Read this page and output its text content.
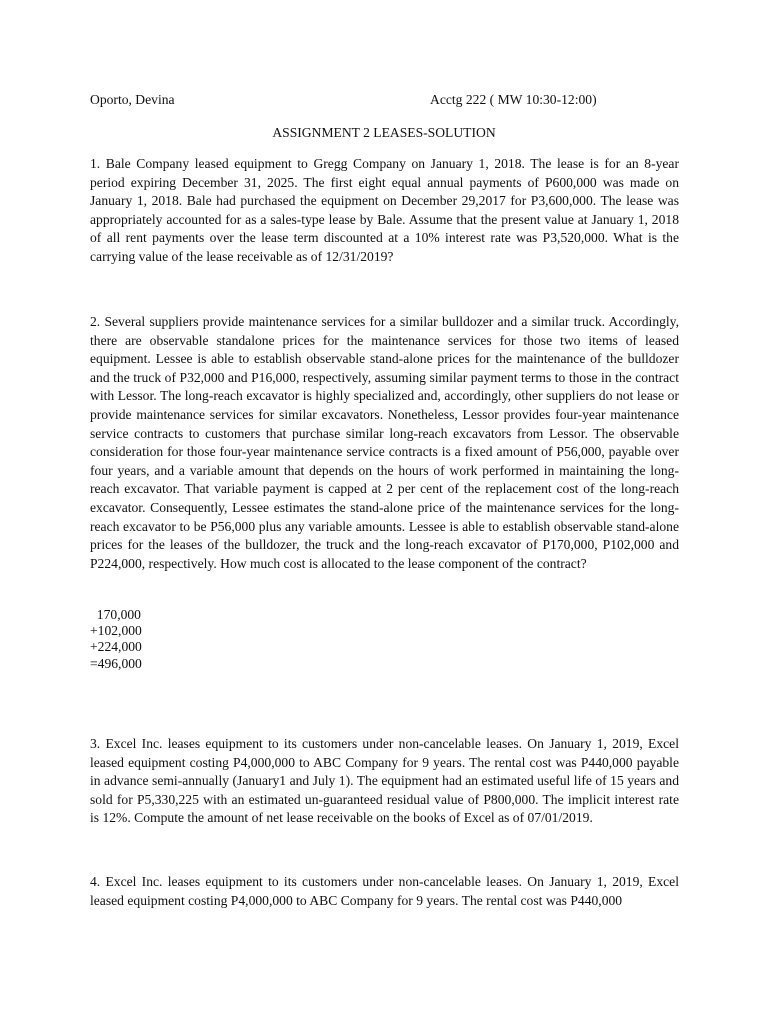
Oporto, Devina	Acctg 222 ( MW 10:30-12:00)
ASSIGNMENT 2 LEASES-SOLUTION

1. Bale Company leased equipment to Gregg Company on January 1, 2018. The lease is for an 8-year period expiring December 31, 2025. The first eight equal annual payments of P600,000 was made on January 1, 2018. Bale had purchased the equipment on December 29,2017 for P3,600,000. The lease was appropriately accounted for as a sales-type lease by Bale. Assume that the present value at January 1, 2018 of all rent payments over the lease term discounted at a 10% interest rate was P3,520,000. What is the carrying value of the lease receivable as of 12/31/2019?

2. Several suppliers provide maintenance services for a similar bulldozer and a similar truck. Accordingly, there are observable standalone prices for the maintenance services for those two items of leased equipment. Lessee is able to establish observable stand-alone prices for the maintenance of the bulldozer and the truck of P32,000 and P16,000, respectively, assuming similar payment terms to those in the contract with Lessor. The long-reach excavator is highly specialized and, accordingly, other suppliers do not lease or provide maintenance services for similar excavators. Nonetheless, Lessor provides four-year maintenance service contracts to customers that purchase similar long-reach excavators from Lessor. The observable consideration for those four-year maintenance service contracts is a fixed amount of P56,000, payable over four years, and a variable amount that depends on the hours of work performed in maintaining the long-reach excavator. That variable payment is capped at 2 per cent of the replacement cost of the long-reach excavator. Consequently, Lessee estimates the stand-alone price of the maintenance services for the long-reach excavator to be P56,000 plus any variable amounts. Lessee is able to establish observable stand-alone prices for the leases of the bulldozer, the truck and the long-reach excavator of P170,000, P102,000 and P224,000, respectively. How much cost is allocated to the lease component of the contract?

170,000
+102,000
+224,000
=496,000

3. Excel Inc. leases equipment to its customers under non-cancelable leases. On January 1, 2019, Excel leased equipment costing P4,000,000 to ABC Company for 9 years. The rental cost was P440,000 payable in advance semi-annually (January1 and July 1). The equipment had an estimated useful life of 15 years and sold for P5,330,225 with an estimated un-guaranteed residual value of P800,000. The implicit interest rate is 12%. Compute the amount of net lease receivable on the books of Excel as of 07/01/2019.

4. Excel Inc. leases equipment to its customers under non-cancelable leases. On January 1, 2019, Excel leased equipment costing P4,000,000 to ABC Company for 9 years. The rental cost was P440,000
